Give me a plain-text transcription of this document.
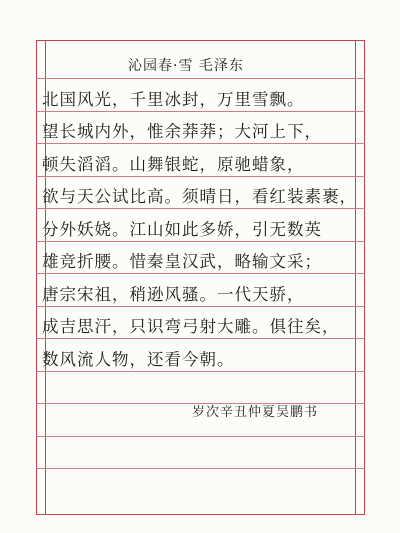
沁园春·雪 毛泽东
北国风光，千里冰封，万里雪飘。
望长城内外，惟余莽莽；大河上下，
顿失滔滔。山舞银蛇，原驰蜡象，
欲与天公试比高。须晴日，看红装素裹，
分外妖娆。江山如此多娇，引无数英
雄竞折腰。惜秦皇汉武，略输文采；
唐宗宋祖，稍逊风骚。一代天骄，
成吉思汗，只识弯弓射大雕。俱往矣，
数风流人物，还看今朝。
岁次辛丑仲夏吴鹏书
